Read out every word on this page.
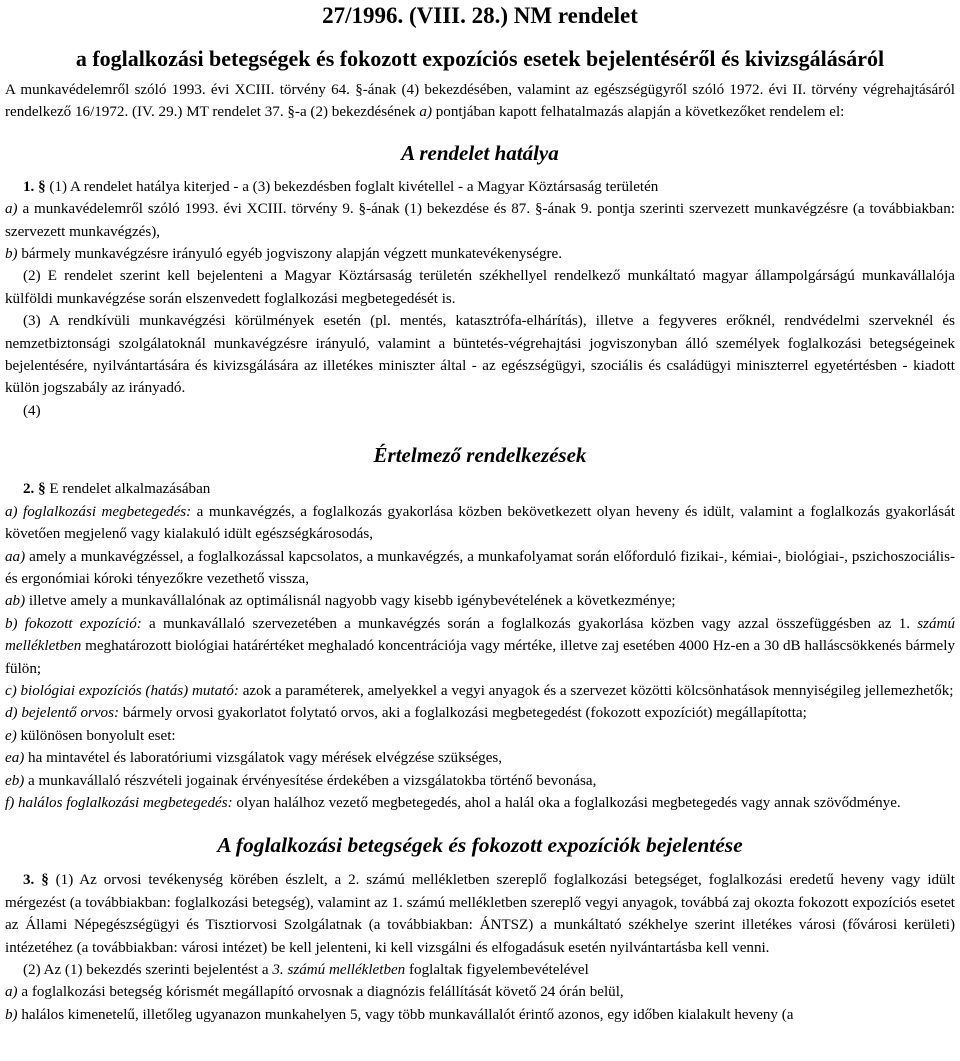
27/1996. (VIII. 28.) NM rendelet
a foglalkozási betegségek és fokozott expozíciós esetek bejelentéséről és kivizsgálásáról

A munkavédelemről szóló 1993. évi XCIII. törvény 64. §-ának (4) bekezdésében, valamint az egészségügyről szóló 1972. évi II. törvény végrehajtásáról rendelkező 16/1972. (IV. 29.) MT rendelet 37. §-a (2) bekezdésének a) pontjában kapott felhatalmazás alapján a következőket rendelem el:

A rendelet hatálya

1. § (1) A rendelet hatálya kiterjed - a (3) bekezdésben foglalt kivétellel - a Magyar Köztársaság területén

a) a munkavédelemről szóló 1993. évi XCIII. törvény 9. §-ának (1) bekezdése és 87. §-ának 9. pontja szerinti szervezett munkavégzésre (a továbbiakban: szervezett munkavégzés),

b) bármely munkavégzésre irányuló egyéb jogviszony alapján végzett munkatevékenységre.

(2) E rendelet szerint kell bejelenteni a Magyar Köztársaság területén székhellyel rendelkező munkáltató magyar állampolgárságú munkavállalója külföldi munkavégzése során elszenvedett foglalkozási megbetegedését is.

(3) A rendkívüli munkavégzési körülmények esetén (pl. mentés, katasztrófa-elhárítás), illetve a fegyveres erőknél, rendvédelmi szerveknél és nemzetbiztonsági szolgálatoknál munkavégzésre irányuló, valamint a büntetés-végrehajtási jogviszonyban álló személyek foglalkozási betegségeinek bejelentésére, nyilvántartására és kivizsgálására az illetékes miniszter által - az egészségügyi, szociális és családügyi miniszterrel egyetértésben - kiadott külön jogszabály az irányadó.

(4)

Értelmező rendelkezések

2. § E rendelet alkalmazásában

a) foglalkozási megbetegedés: a munkavégzés, a foglalkozás gyakorlása közben bekövetkezett olyan heveny és idült, valamint a foglalkozás gyakorlását követően megjelenő vagy kialakuló idült egészségkárosodás,

aa) amely a munkavégzéssel, a foglalkozással kapcsolatos, a munkavégzés, a munkafolyamat során előforduló fizikai-, kémiai-, biológiai-, pszichoszociális- és ergonómiai kóroki tényezőkre vezethető vissza,

ab) illetve amely a munkavállalónak az optimálisnál nagyobb vagy kisebb igénybevételének a következménye;

b) fokozott expozíció: a munkavállaló szervezetében a munkavégzés során a foglalkozás gyakorlása közben vagy azzal összefüggésben az 1. számú mellékletben meghatározott biológiai határértéket meghaladó koncentrációja vagy mértéke, illetve zaj esetében 4000 Hz-en a 30 dB halláscsökkenés bármely fülön;

c) biológiai expozíciós (hatás) mutató: azok a paraméterek, amelyekkel a vegyi anyagok és a szervezet közötti kölcsönhatások mennyiségileg jellemezhetők;

d) bejelentő orvos: bármely orvosi gyakorlatot folytató orvos, aki a foglalkozási megbetegedést (fokozott expozíciót) megállapította;

e) különösen bonyolult eset:

ea) ha mintavétel és laboratóriumi vizsgálatok vagy mérések elvégzése szükséges,

eb) a munkavállaló részvételi jogainak érvényesítése érdekében a vizsgálatokba történő bevonása,

f) halálos foglalkozási megbetegedés: olyan halálhoz vezető megbetegedés, ahol a halál oka a foglalkozási megbetegedés vagy annak szövődménye.

A foglalkozási betegségek és fokozott expozíciók bejelentése

3. § (1) Az orvosi tevékenység körében észlelt, a 2. számú mellékletben szereplő foglalkozási betegséget, foglalkozási eredetű heveny vagy idült mérgezést (a továbbiakban: foglalkozási betegség), valamint az 1. számú mellékletben szereplő vegyi anyagok, továbbá zaj okozta fokozott expozíciós esetet az Állami Népegészségügyi és Tisztiorvosi Szolgálatnak (a továbbiakban: ÁNTSZ) a munkáltató székhelye szerint illetékes városi (fővárosi kerületi) intézetéhez (a továbbiakban: városi intézet) be kell jelenteni, ki kell vizsgálni és elfogadásuk esetén nyilvántartásba kell venni.

(2) Az (1) bekezdés szerinti bejelentést a 3. számú mellékletben foglaltak figyelembevételével

a) a foglalkozási betegség kórismét megállapító orvosnak a diagnózis felállítását követő 24 órán belül,

b) halálos kimenetelű, illetőleg ugyanazon munkahelyen 5, vagy több munkavállalót érintő azonos, egy időben kialakult heveny (a
